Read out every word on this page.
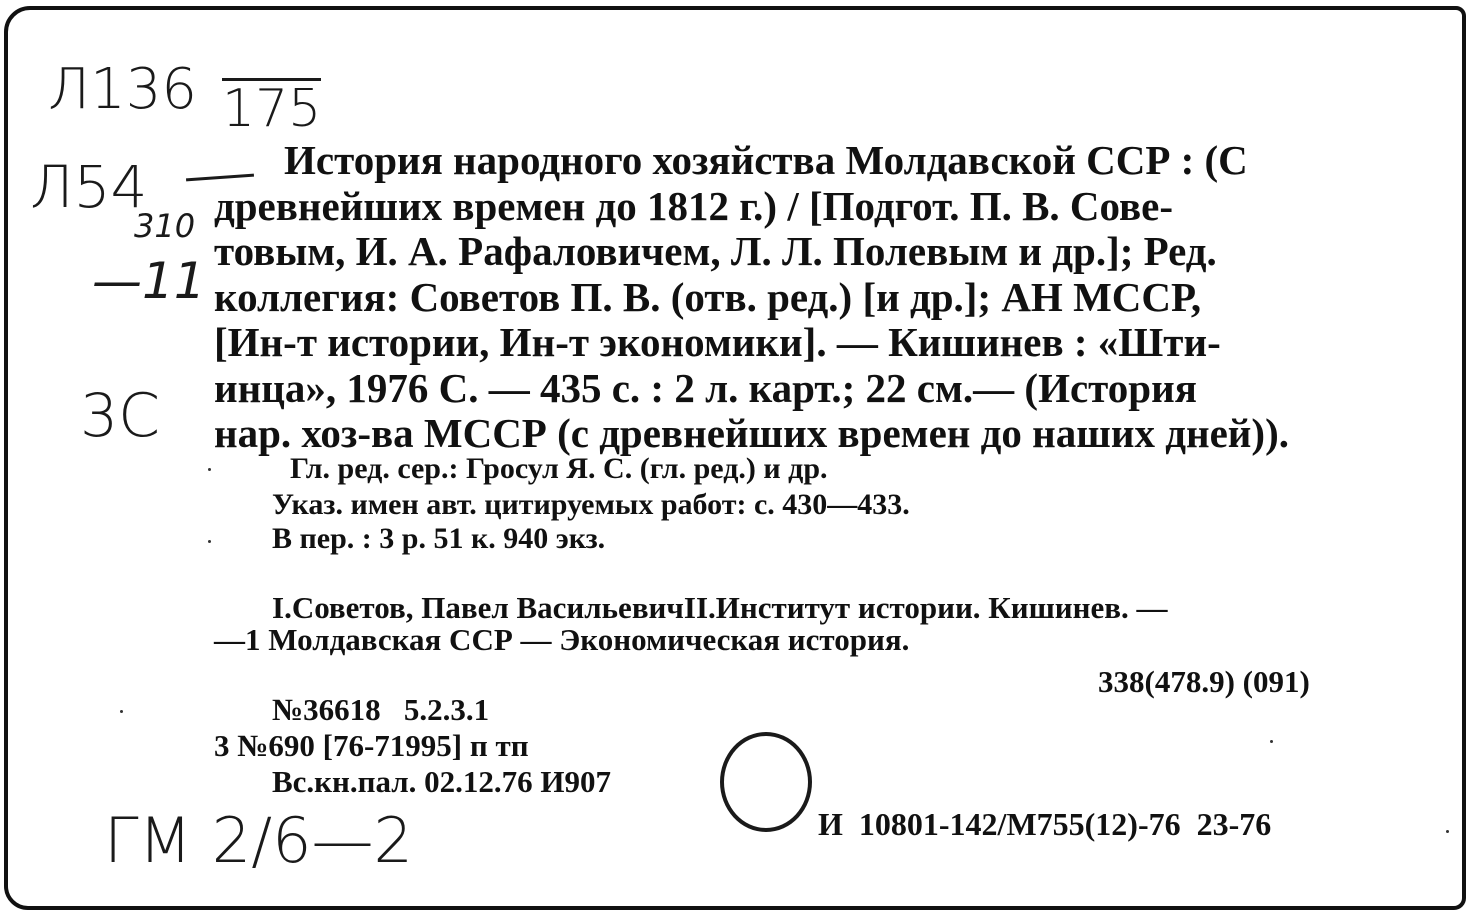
Л136 175
Л54
310
—11
3С
ГМ 2/6—2
История народного хозяйства Молдавской ССР : (С
древнейших времен до 1812 г.) / [Подгот. П. В. Сове-
товым, И. А. Рафаловичем, Л. Л. Полевым и др.]; Ред.
коллегия: Советов П. В. (отв. ред.) [и др.]; АН МССР,
[Ин-т истории, Ин-т экономики]. — Кишинев : «Шти-
инца», 1976 С. — 435 с. : 2 л. карт.; 22 см.— (История
нар. хоз-ва МССР (с древнейших времен до наших дней)).
Гл. ред. сер.: Гросул Я. С. (гл. ред.) и др.
Указ. имен авт. цитируемых работ: с. 430—433.
В пер. : 3 р. 51 к. 940 экз.
I.Советов, Павел ВасильевичII.Институт истории. Кишинев. —
—1 Молдавская ССР — Экономическая история.
338(478.9) (091)
№36618   5.2.3.1
3 №690 [76-71995] п тп
Вс.кн.пал. 02.12.76 И907
И  10801-142/М755(12)-76  23-76
